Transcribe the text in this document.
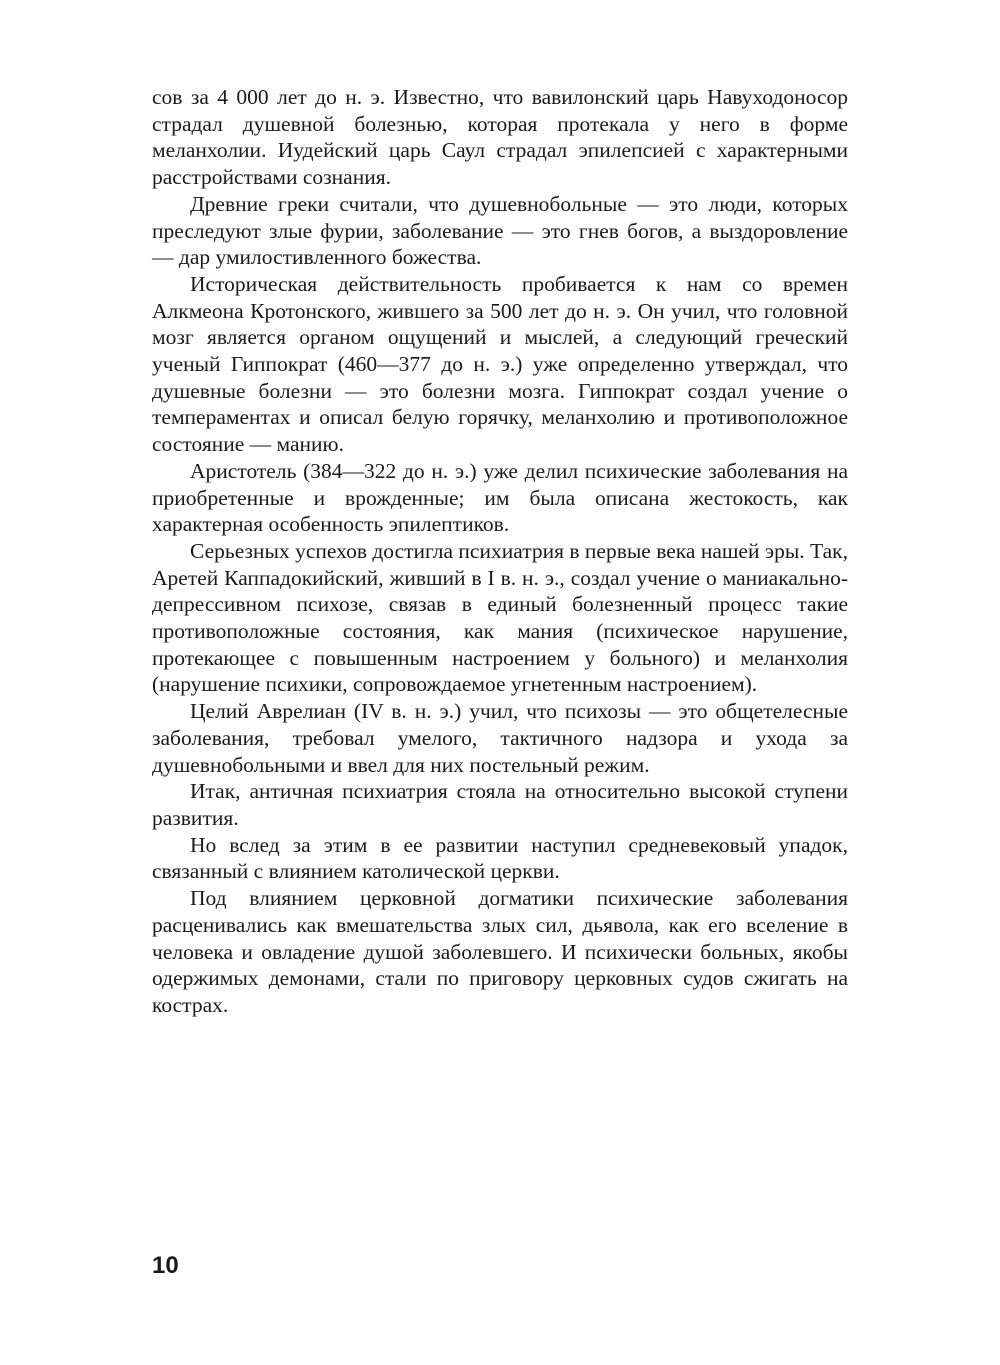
сов за 4 000 лет до н. э. Известно, что вавилонский царь Навуходоносор страдал душевной болезнью, которая протекала у него в форме меланхолии. Иудейский царь Саул страдал эпилепсией с характерными расстройствами сознания.

Древние греки считали, что душевнобольные — это люди, которых преследуют злые фурии, заболевание — это гнев богов, а выздоровление — дар умилостивленного божества.

Историческая действительность пробивается к нам со времен Алкмеона Кротонского, жившего за 500 лет до н. э. Он учил, что головной мозг является органом ощущений и мыслей, а следующий греческий ученый Гиппократ (460—377 до н. э.) уже определенно утверждал, что душевные болезни — это болезни мозга. Гиппократ создал учение о темпераментах и описал белую горячку, меланхолию и противоположное состояние — манию.

Аристотель (384—322 до н. э.) уже делил психические заболевания на приобретенные и врожденные; им была описана жестокость, как характерная особенность эпилептиков.

Серьезных успехов достигла психиатрия в первые века нашей эры. Так, Аретей Каппадокийский, живший в I в. н. э., создал учение о маниакально-депрессивном психозе, связав в единый болезненный процесс такие противоположные состояния, как мания (психическое нарушение, протекающее с повышенным настроением у больного) и меланхолия (нарушение психики, сопровождаемое угнетенным настроением).

Целий Аврелиан (IV в. н. э.) учил, что психозы — это общетелесные заболевания, требовал умелого, тактичного надзора и ухода за душевнобольными и ввел для них постельный режим.

Итак, античная психиатрия стояла на относительно высокой ступени развития.

Но вслед за этим в ее развитии наступил средневековый упадок, связанный с влиянием католической церкви.

Под влиянием церковной догматики психические заболевания расценивались как вмешательства злых сил, дьявола, как его вселение в человека и овладение душой заболевшего. И психически больных, якобы одержимых демонами, стали по приговору церковных судов сжигать на кострах.

10
